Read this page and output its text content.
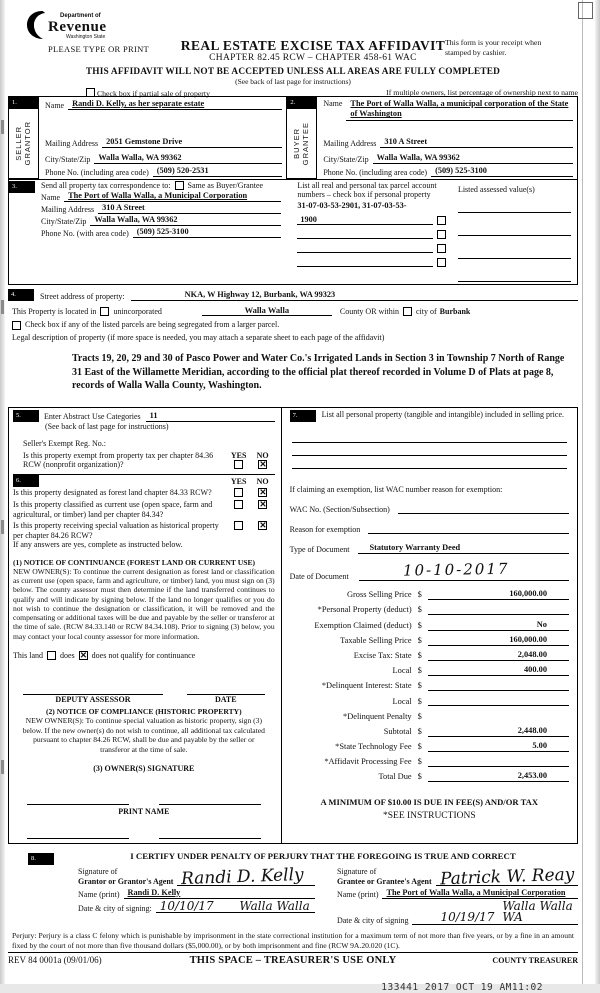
Department of
Revenue
Washington State
PLEASE TYPE OR PRINT	REAL ESTATE EXCISE TAX AFFIDAVIT
CHAPTER 82.45 RCW – CHAPTER 458-61 WAC
This form is your receipt when stamped by cashier.
THIS AFFIDAVIT WILL NOT BE ACCEPTED UNLESS ALL AREAS ARE FULLY COMPLETED
(See back of last page for instructions)
Check box if partial sale of property	If multiple owners, list percentage of ownership next to name
1.
SELLER GRANTOR
Name Randi D. Kelly, as her separate estate
Mailing Address 2051 Gemstone Drive
City/State/Zip Walla Walla, WA 99362
Phone No. (including area code) (509) 520-2531
2.
BUYER GRANTEE
Name The Port of Walla Walla, a municipal corporation of the State of Washington
Mailing Address 310 A Street
City/State/Zip Walla Walla, WA 99362
Phone No. (including area code) (509) 525-3100
3.	Send all property tax correspondence to: Same as Buyer/Grantee
Name The Port of Walla Walla, a Municipal Corporation
Mailing Address 310 A Street
City/State/Zip Walla Walla, WA 99362
Phone No. (with area code) (509) 525-3100
List all real and personal tax parcel account numbers – check box if personal property
31-07-03-53-2901, 31-07-03-53-
1900
Listed assessed value(s)
4.	Street address of property:	NKA, W Highway 12, Burbank, WA 99323
This Property is located in unincorporated	Walla Walla	County OR within city of Burbank
Check box if any of the listed parcels are being segregated from a larger parcel.
Legal description of property (if more space is needed, you may attach a separate sheet to each page of the affidavit)
Tracts 19, 20, 29 and 30 of Pasco Power and Water Co.'s Irrigated Lands in Section 3 in Township 7 North of Range 31 East of the Willamette Meridian, according to the official plat thereof recorded in Volume D of Plats at page 8, records of Walla Walla County, Washington.
5.	Enter Abstract Use Categories	11
(See back of last page for instructions)
Seller's Exempt Reg. No.:
Is this property exempt from property tax per chapter 84.36 RCW (nonprofit organization)?
YES	NO
✕
6.	YES	NO
Is this property designated as forest land chapter 84.33 RCW?
✕
Is this property classified as current use (open space, farm and agricultural, or timber) land per chapter 84.34?
✕
Is this property receiving special valuation as historical property per chapter 84.26 RCW?
✕
If any answers are yes, complete as instructed below.
(1) NOTICE OF CONTINUANCE (FOREST LAND OR CURRENT USE)
NEW OWNER(S): To continue the current designation as forest land or classification as current use (open space, farm and agriculture, or timber) land, you must sign on (3) below. The county assessor must then determine if the land transferred continues to qualify and will indicate by signing below. If the land no longer qualifies or you do not wish to continue the designation or classification, it will be removed and the compensating or additional taxes will be due and payable by the seller or transferor at the time of sale. (RCW 84.33.140 or RCW 84.34.108). Prior to signing (3) below, you may contact your local county assessor for more information.
This land does ✕ does not qualify for continuance
DEPUTY ASSESSOR	DATE
(2) NOTICE OF COMPLIANCE (HISTORIC PROPERTY)
NEW OWNER(S): To continue special valuation as historic property, sign (3) below. If the new owner(s) do not wish to continue, all additional tax calculated pursuant to chapter 84.26 RCW, shall be due and payable by the seller or transferor at the time of sale.
(3) OWNER(S) SIGNATURE
PRINT NAME
7.	List all personal property (tangible and intangible) included in selling price.
If claiming an exemption, list WAC number reason for exemption:
WAC No. (Section/Subsection)
Reason for exemption
Type of Document	Statutory Warranty Deed
Date of Document	10-10-2017
Gross Selling Price $	160,000.00
*Personal Property (deduct) $
Exemption Claimed (deduct) $	No
Taxable Selling Price $	160,000.00
Excise Tax: State $	2,048.00
Local $	400.00
*Delinquent Interest: State $
Local $
*Delinquent Penalty $
Subtotal $	2,448.00
*State Technology Fee $	5.00
*Affidavit Processing Fee $
Total Due $	2,453.00
A MINIMUM OF $10.00 IS DUE IN FEE(S) AND/OR TAX
*SEE INSTRUCTIONS
8.	I CERTIFY UNDER PENALTY OF PERJURY THAT THE FOREGOING IS TRUE AND CORRECT
Signature of
Grantor or Grantor's Agent Randi D. Kelly
Name (print) Randi D. Kelly
Date & city of signing: 10/10/17	Walla Walla
Signature of
Grantee or Grantee's Agent Patrick W. Reay
Name (print) The Port of Walla Walla, a Municipal Corporation
Date & city of signing	10/19/17
Walla Walla WA
Perjury: Perjury is a class C felony which is punishable by imprisonment in the state correctional institution for a maximum term of not more than five years, or by a fine in an amount fixed by the court of not more than five thousand dollars ($5,000.00), or by both imprisonment and fine (RCW 9A.20.020 (1C).
REV 84 0001a (09/01/06)	THIS SPACE – TREASURER'S USE ONLY	COUNTY TREASURER
133441 2017 OCT 19 AM11:02
